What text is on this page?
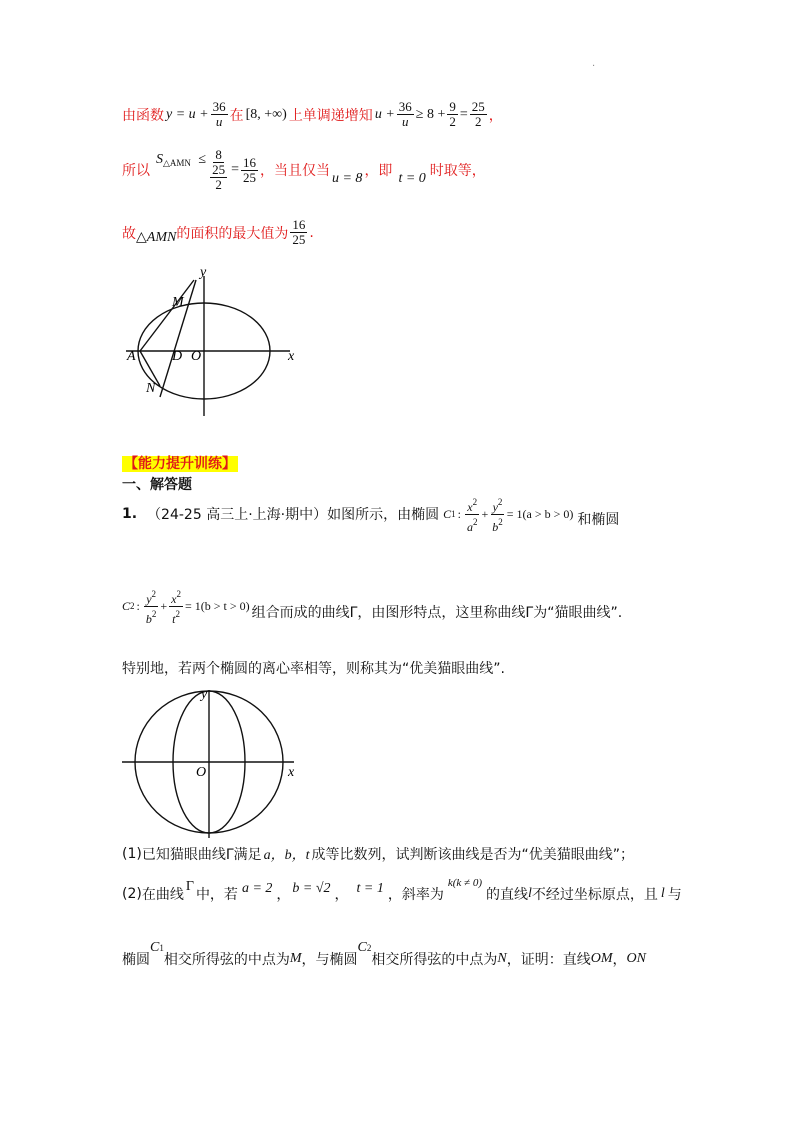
.
由函数 $y = u + \frac{36}{u}$ 在 [8, +∞) 上单调递增知 $u + \frac{36}{u} \ge 8 + \frac{9}{2} = \frac{25}{2}$ ，
所以
$S_{\triangle AMN} \le \frac{8}{\frac{25}{2}} = \frac{16}{25}$ ，当且仅当 u = 8 ，即 t = 0 时取等，
故 △AMN 的面积的最大值为 $\frac{16}{25}$ .
y
x
M
A	D O
N
【能力提升训练】
一、解答题
1. （24-25 高三上·上海·期中）如图所示，由椭圆 C 1 : $\frac{x^2}{a^2} + \frac{y^2}{b^2} = 1(a > b > 0)$ 和椭圆
C 2 : $\frac{y^2}{b^2} + \frac{x^2}{t^2} = 1(b > t > 0)$ 组合而成的曲线Γ，由图形特点，这里称曲线Γ为“猫眼曲线”.
特别地，若两个椭圆的离心率相等，则称其为“优美猫眼曲线”.
y
x
O
(1) 已知猫眼曲线Γ满足 a，b，t 成等比数列，试判断该曲线是否为“优美猫眼曲线”；
(2) 在曲线
Γ
中，若 a = 2 ， b = √2 ， t = 1 ，斜率为
k(k ≠ 0)
的直线 l 不经过坐标原点，且 l 与
椭圆
C 1
相交所得弦的中点为 M ，与椭圆
C 2
相交所得弦的中点为 N ，证明：直线 OM ， ON
